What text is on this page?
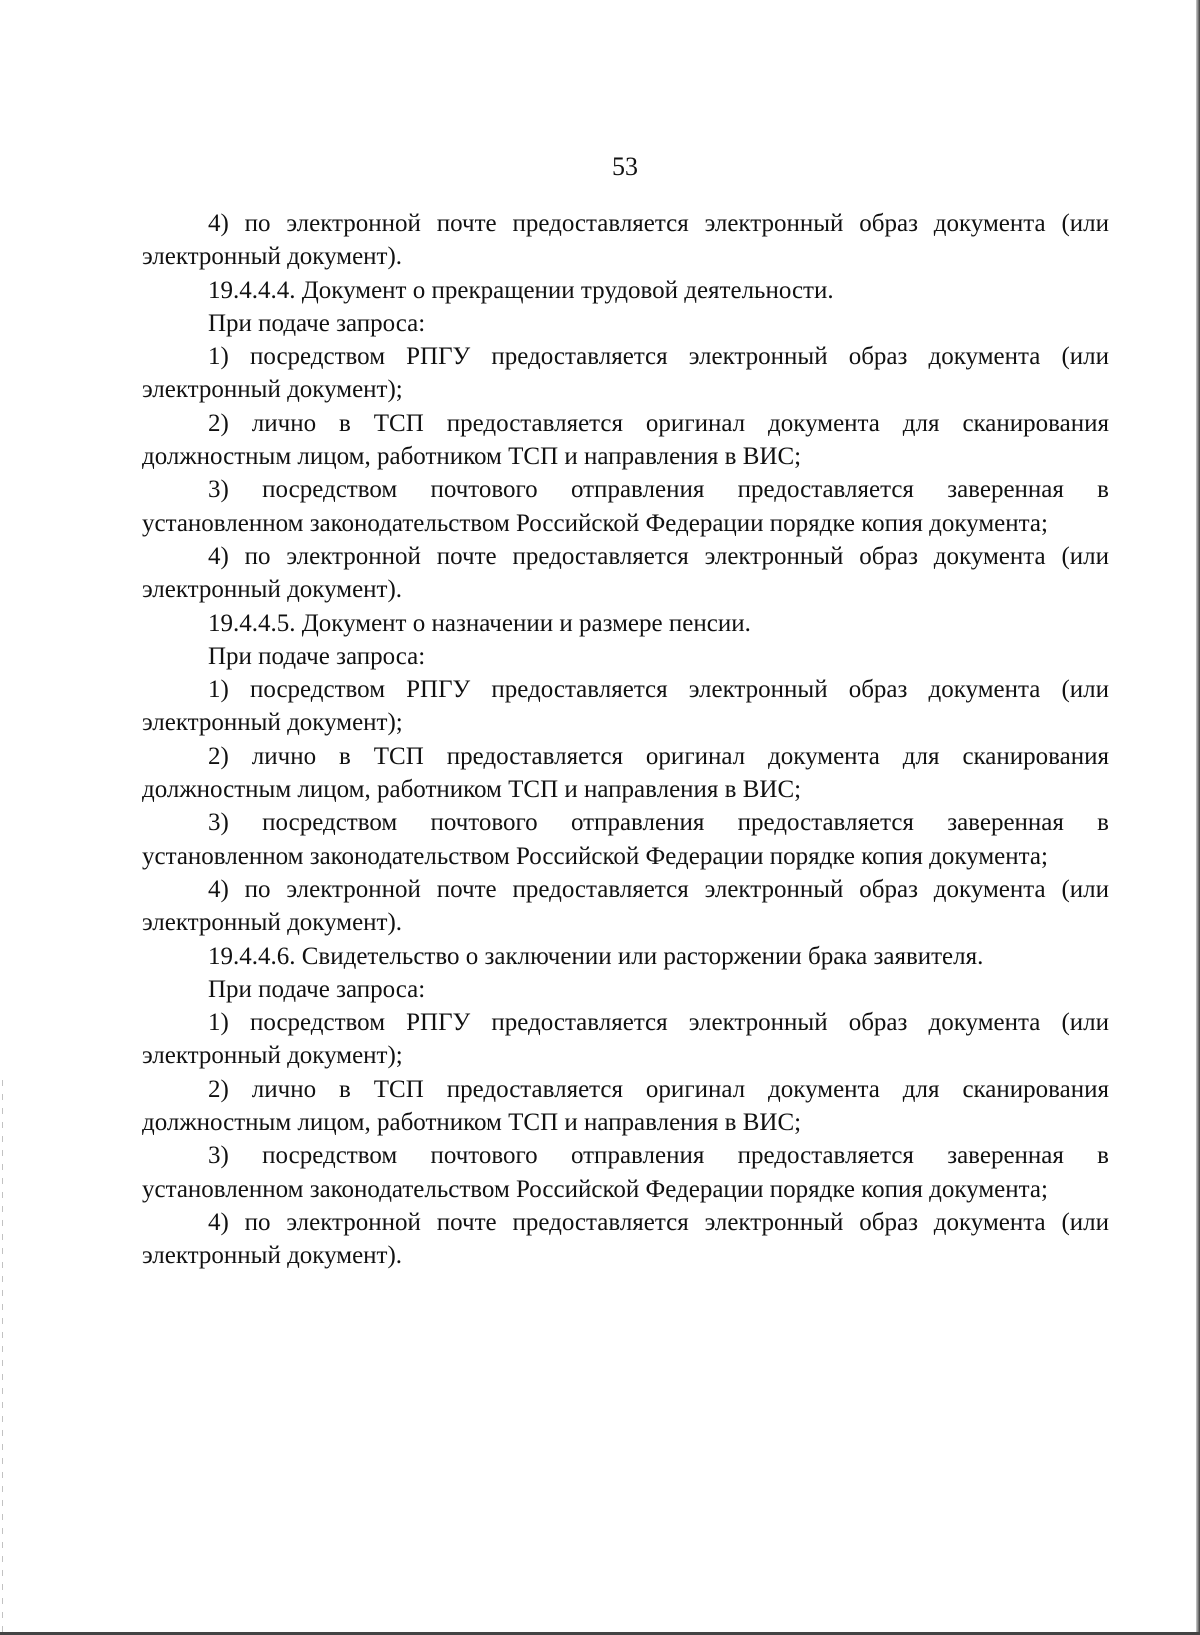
53

4) по электронной почте предоставляется электронный образ документа (или электронный документ).

19.4.4.4. Документ о прекращении трудовой деятельности.

При подаче запроса:

1) посредством РПГУ предоставляется электронный образ документа (или электронный документ);

2) лично в ТСП предоставляется оригинал документа для сканирования должностным лицом, работником ТСП и направления в ВИС;

3) посредством почтового отправления предоставляется заверенная в установленном законодательством Российской Федерации порядке копия документа;

4) по электронной почте предоставляется электронный образ документа (или электронный документ).

19.4.4.5. Документ о назначении и размере пенсии.

При подаче запроса:

1) посредством РПГУ предоставляется электронный образ документа (или электронный документ);

2) лично в ТСП предоставляется оригинал документа для сканирования должностным лицом, работником ТСП и направления в ВИС;

3) посредством почтового отправления предоставляется заверенная в установленном законодательством Российской Федерации порядке копия документа;

4) по электронной почте предоставляется электронный образ документа (или электронный документ).

19.4.4.6. Свидетельство о заключении или расторжении брака заявителя.

При подаче запроса:

1) посредством РПГУ предоставляется электронный образ документа (или электронный документ);

2) лично в ТСП предоставляется оригинал документа для сканирования должностным лицом, работником ТСП и направления в ВИС;

3) посредством почтового отправления предоставляется заверенная в установленном законодательством Российской Федерации порядке копия документа;

4) по электронной почте предоставляется электронный образ документа (или электронный документ).
